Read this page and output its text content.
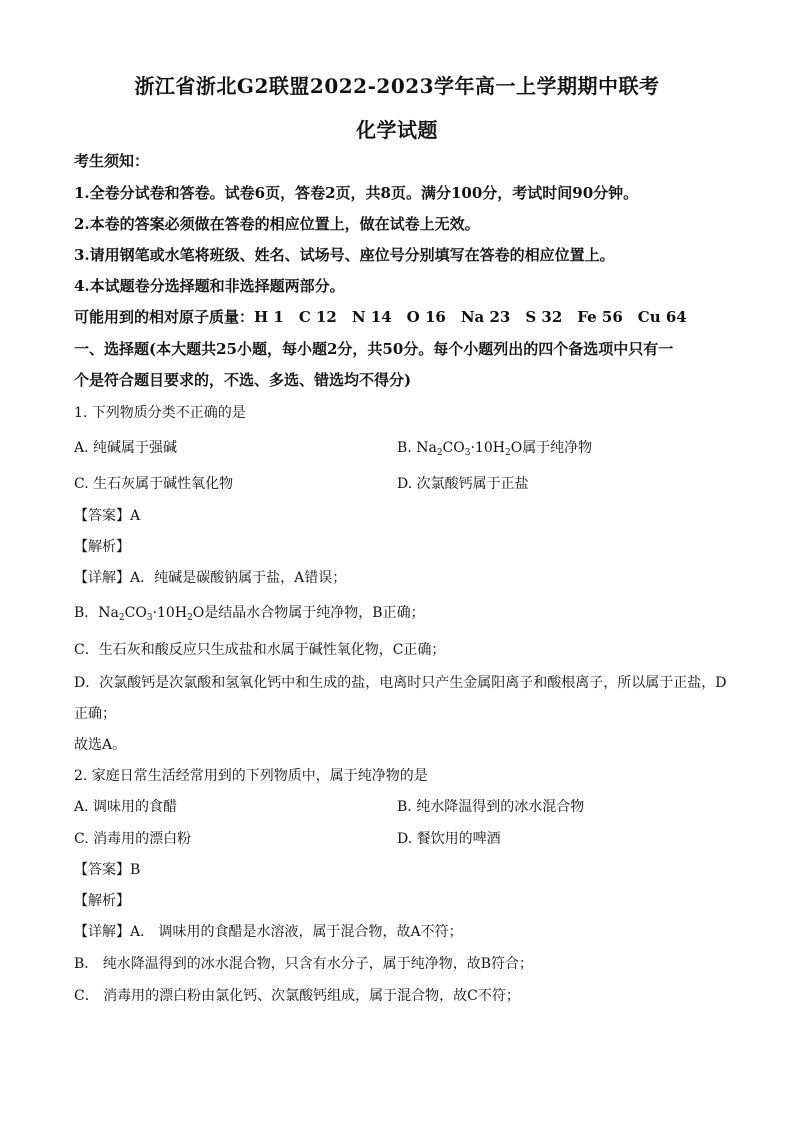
浙江省浙北G2联盟2022-2023学年高一上学期期中联考
化学试题
考生须知：
1.全卷分试卷和答卷。试卷6页，答卷2页，共8页。满分100分，考试时间90分钟。
2.本卷的答案必须做在答卷的相应位置上，做在试卷上无效。
3.请用钢笔或水笔将班级、姓名、试场号、座位号分别填写在答卷的相应位置上。
4.本试题卷分选择题和非选择题两部分。
可能用到的相对原子质量：H 1　C 12　N 14　O 16　Na 23　S 32　Fe 56　Cu 64
一、选择题(本大题共25小题，每小题2分，共50分。每个小题列出的四个备选项中只有一
个是符合题目要求的，不选、多选、错选均不得分)
1. 下列物质分类不正确的是
A. 纯碱属于强碱	B. $Na_2CO_3\cdot 10H_2O$属于纯净物
C. 生石灰属于碱性氧化物	D. 次氯酸钙属于正盐
【答案】A
【解析】
【详解】A．纯碱是碳酸钠属于盐，A错误；
B．$Na_2CO_3\cdot 10H_2O$是结晶水合物属于纯净物，B正确；
C．生石灰和酸反应只生成盐和水属于碱性氧化物，C正确；
D．次氯酸钙是次氯酸和氢氧化钙中和生成的盐，电离时只产生金属阳离子和酸根离子，所以属于正盐，D
正确；
故选A。
2. 家庭日常生活经常用到的下列物质中，属于纯净物的是
A. 调味用的食醋	B. 纯水降温得到的冰水混合物
C. 消毒用的漂白粉	D. 餐饮用的啤酒
【答案】B
【解析】
【详解】A． 调味用的食醋是水溶液，属于混合物，故A不符；
B． 纯水降温得到的冰水混合物，只含有水分子，属于纯净物，故B符合；
C． 消毒用的漂白粉由氯化钙、次氯酸钙组成，属于混合物，故C不符；
